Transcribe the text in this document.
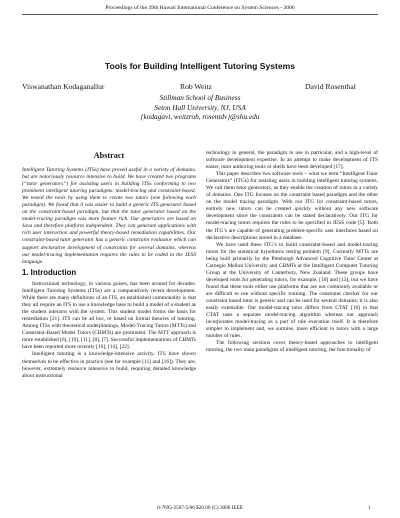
Proceedings of the 39th Hawaii International Conference on System Sciences - 2006
Tools for Building Intelligent Tutoring Systems
Viswanathan Kodaganallur	Rob Weitz	David Rosenthal
Stillman School of Business
Seton Hall University, NJ, USA
{kodagavi, weitzrob, rosentdv}@shu.edu
Abstract

Intelligent Tutoring Systems (ITSs) have proved useful in a variety of domains, but are notoriously resource intensive to build. We have created two programs (“tutor generators”) for assisting users in building ITSs conforming to two prominent intelligent tutoring paradigms: model-tracing and constraint-based. We tested the tools by using them to create two tutors (one following each paradigm). We found that it was easier to build a generic ITS generator based on the constraint-based paradigm, but that the tutor generator based on the model-tracing paradigm was more feature rich. Our generators are based on Java and therefore platform independent. They can generate applications with rich user interaction and powerful theory-based remediation capabilities. Our constraint-based tutor generator has a generic constraint evaluator which can support declarative development of constraints for several domains, whereas our model-tracing implementation requires the rules to be coded in the JESS language.

1. Introduction

Instructional technology, in various guises, has been around for decades. Intelligent Tutoring Systems (ITSs) are a comparatively recent development. While there are many definitions of an ITS, an established commonality is that they all require an ITS to use a knowledge base to build a model of a student as the student interacts with the system. This student model forms the basis for remediation [21]. ITS can be ad hoc, or based on formal theories of tutoring. Among ITSs with theoretical underpinnings, Model-Tracing Tutors (MTTs) and Constraint-Based Model Tutors (CBMTs) are prominent. The MTT approach is more established [6], [19], [11], [8], [7]. Successful implementations of CBMTs have been reported more recently [16], [14], [22].

Intelligent tutoring is a knowledge-intensive activity. ITS have shown themselves to be effective in practice (see for example [11] and [16]). They are, however, extremely resource intensive to build, requiring detailed knowledge about instructional

technology in general, the paradigm in use in particular, and a high-level of software development expertise. In an attempt to make development of ITS easier, tutor authoring tools or shells have been developed [17].

This paper describes two software tools – what we term “Intelligent Tutor Generators” (ITGs) for assisting users in building intelligent tutoring systems. We call them tutor generators, as they enable the creation of tutors in a variety of domains. One ITG focuses on the constraint based paradigm and the other on the model tracing paradigm. With our ITG for constraint-based tutors, entirely new tutors can be created quickly without any new software development since the constraints can be stated declaratively. Our ITG for model-tracing tutors requires the rules to be specified in JESS code [5]. Both the ITG’s are capable of generating problem-specific user interfaces based on declarative descriptions stored in a database.

We have used these ITG’s to build constraint-based and model-tracing tutors for the statistical hypothesis testing problem [9]. Currently MTTs are being built primarily by the Pittsburgh Advanced Cognitive Tutor Center at Carnegie Mellon University and CBMTs at the Intelligent Computer Tutoring Group at the University of Canterbury, New Zealand. These groups have developed tools for generating tutors, for example, [10] and [13], but we have found that these tools either use platforms that are not commonly available or are difficult to use without specific training. The constraint checker for our constraint based tutor is generic and can be used for several domains; it is also easily extensible. Our model-tracing tutor differs from CTAT [10] in that CTAT uses a separate model-tracing algorithm whereas our approach incorporates model-tracing as a part of rule execution itself. It is therefore simpler to implement and, we surmise, more efficient in tutors with a large number of rules.

The following sections cover theory-based approaches to intelligent tutoring, the two main paradigms of intelligent tutoring, the functionality of

0-7695-2507-5/06 $20.00 (C) 2006 IEEE	1
